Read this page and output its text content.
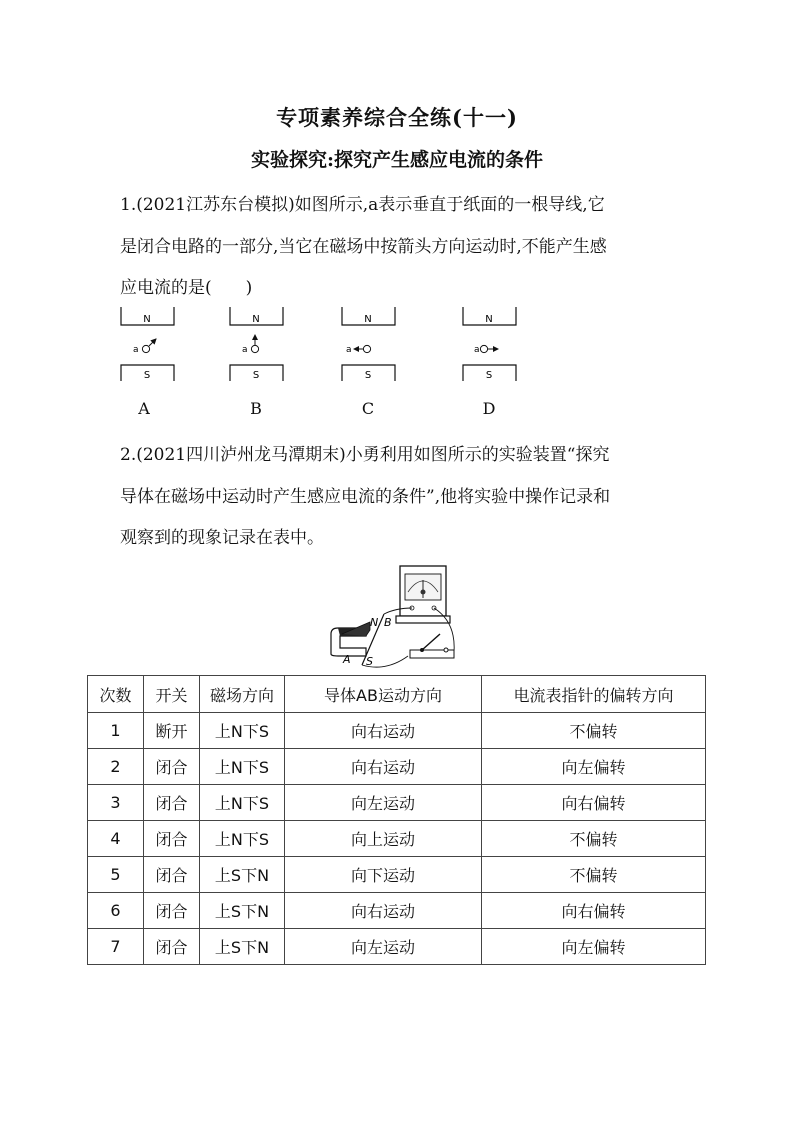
专项素养综合全练(十一)
实验探究:探究产生感应电流的条件
1.(2021江苏东台模拟)如图所示,a表示垂直于纸面的一根导线,它
是闭合电路的一部分,当它在磁场中按箭头方向运动时,不能产生感
应电流的是(　　)
N
a
S
N
a
S
N
a
S
N
a
S
A	B	C	D
2.(2021四川泸州龙马潭期末)小勇利用如图所示的实验装置“探究
导体在磁场中运动时产生感应电流的条件”,他将实验中操作记录和
观察到的现象记录在表中。
N
S
A
B
次数	开关	磁场方向	导体AB运动方向	电流表指针的偏转方向
1	断开	上N下S	向右运动	不偏转
2	闭合	上N下S	向右运动	向左偏转
3	闭合	上N下S	向左运动	向右偏转
4	闭合	上N下S	向上运动	不偏转
5	闭合	上S下N	向下运动	不偏转
6	闭合	上S下N	向右运动	向右偏转
7	闭合	上S下N	向左运动	向左偏转
